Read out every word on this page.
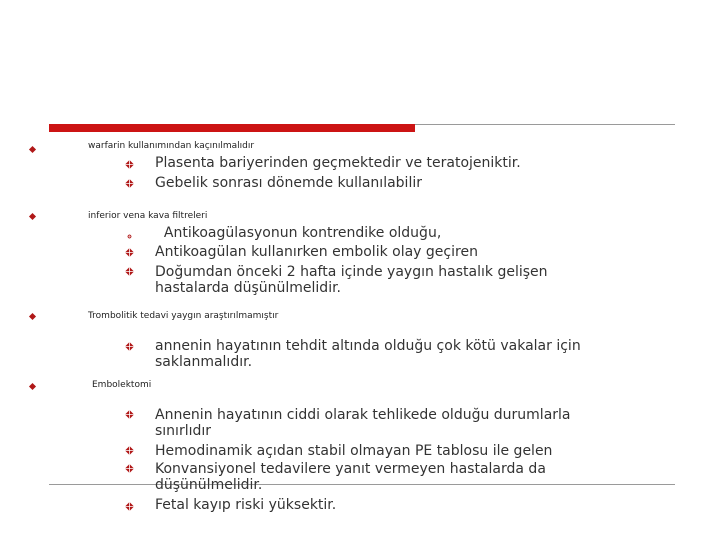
warfarin kullanımından kaçınılmalıdır
Plasenta bariyerinden geçmektedir ve teratojeniktir.
Gebelik sonrası dönemde kullanılabilir
inferior vena kava filtreleri
Antikoagülasyonun kontrendike olduğu,
Antikoagülan kullanırken embolik olay geçiren
Doğumdan önceki 2 hafta içinde yaygın hastalık gelişen
hastalarda düşünülmelidir.
Trombolitik tedavi yaygın araştırılmamıştır
annenin hayatının tehdit altında olduğu çok kötü vakalar için
saklanmalıdır.
Embolektomi
Annenin hayatının ciddi olarak tehlikede olduğu durumlarla
sınırlıdır
Hemodinamik açıdan stabil olmayan PE tablosu ile gelen
Konvansiyonel tedavilere yanıt vermeyen hastalarda da
düşünülmelidir.
Fetal kayıp riski yüksektir.
